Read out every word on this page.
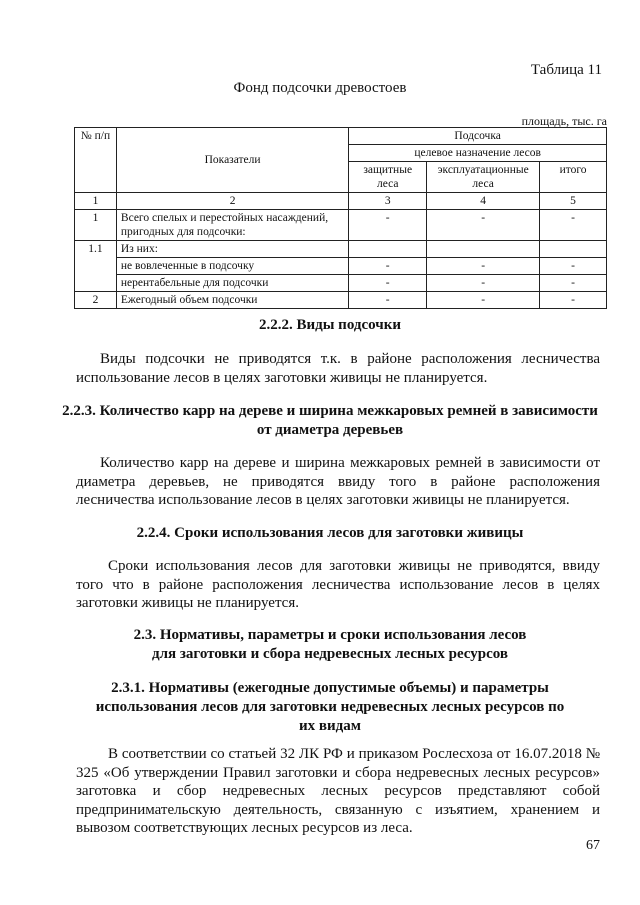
Таблица 11
Фонд подсочки древостоев
площадь, тыс. га
№ п/п	Показатели	Подсочка		
		целевое назначение лесов		
		защитные леса	эксплуатационные леса	итого
1	2	3	4	5
1	Всего спелых и перестойных насаждений, пригодных для подсочки:	-	-	-
1.1	Из них:			
	не вовлеченные в подсочку	-	-	-
	нерентабельные для подсочки	-	-	-
2	Ежегодный объем подсочки	-	-	-
2.2.2. Виды подсочки
Виды подсочки не приводятся т.к. в районе расположения лесничества использование лесов в целях заготовки живицы не планируется.
2.2.3. Количество карр на дереве и ширина межкаровых ремней в зависимости от диаметра деревьев
Количество карр на дереве и ширина межкаровых ремней в зависимости от диаметра деревьев, не приводятся ввиду того в районе расположения лесничества использование лесов в целях заготовки живицы не планируется.
2.2.4. Сроки использования лесов для заготовки живицы
Сроки использования лесов для заготовки живицы не приводятся, ввиду того что в районе расположения лесничества использование лесов в целях заготовки живицы не планируется.
2.3. Нормативы, параметры и сроки использования лесов для заготовки и сбора недревесных лесных ресурсов
2.3.1. Нормативы (ежегодные допустимые объемы) и параметры использования лесов для заготовки недревесных лесных ресурсов по их видам
В соответствии со статьей 32 ЛК РФ и приказом Рослесхоза от 16.07.2018 № 325 «Об утверждении Правил заготовки и сбора недревесных лесных ресурсов» заготовка и сбор недревесных лесных ресурсов представляют собой предпринимательскую деятельность, связанную с изъятием, хранением и вывозом соответствующих лесных ресурсов из леса.
67
